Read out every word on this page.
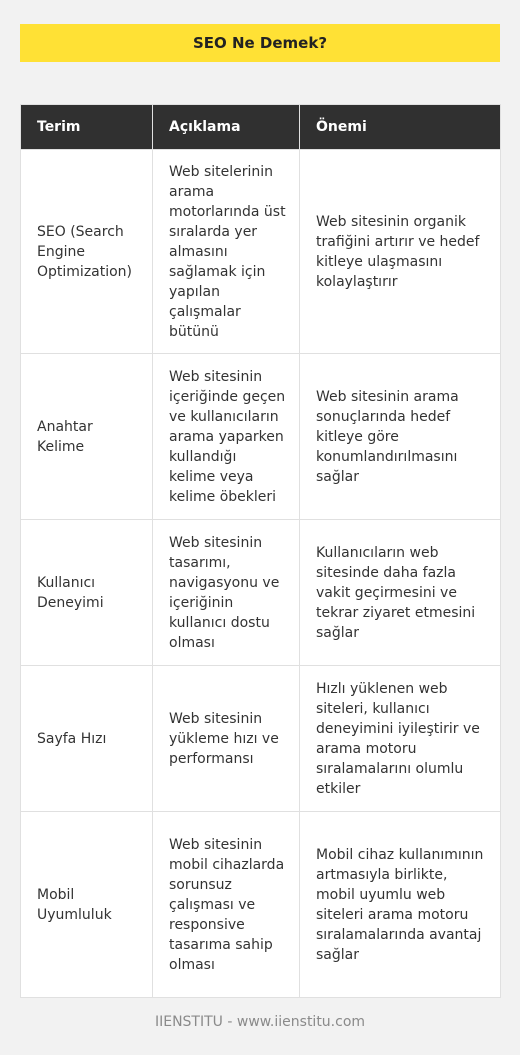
SEO Ne Demek?
Terim	Açıklama	Önemi
SEO (Search Engine Optimization)	Web sitelerinin arama motorlarında üst sıralarda yer almasını sağlamak için yapılan çalışmalar bütünü	Web sitesinin organik trafiğini artırır ve hedef kitleye ulaşmasını kolaylaştırır
Anahtar Kelime	Web sitesinin içeriğinde geçen ve kullanıcıların arama yaparken kullandığı kelime veya kelime öbekleri	Web sitesinin arama sonuçlarında hedef kitleye göre konumlandırılmasını sağlar
Kullanıcı Deneyimi	Web sitesinin tasarımı, navigasyonu ve içeriğinin kullanıcı dostu olması	Kullanıcıların web sitesinde daha fazla vakit geçirmesini ve tekrar ziyaret etmesini sağlar
Sayfa Hızı	Web sitesinin yükleme hızı ve performansı	Hızlı yüklenen web siteleri, kullanıcı deneyimini iyileştirir ve arama motoru sıralamalarını olumlu etkiler
Mobil Uyumluluk	Web sitesinin mobil cihazlarda sorunsuz çalışması ve responsive tasarıma sahip olması	Mobil cihaz kullanımının artmasıyla birlikte, mobil uyumlu web siteleri arama motoru sıralamalarında avantaj sağlar
IIENSTITU - www.iienstitu.com
